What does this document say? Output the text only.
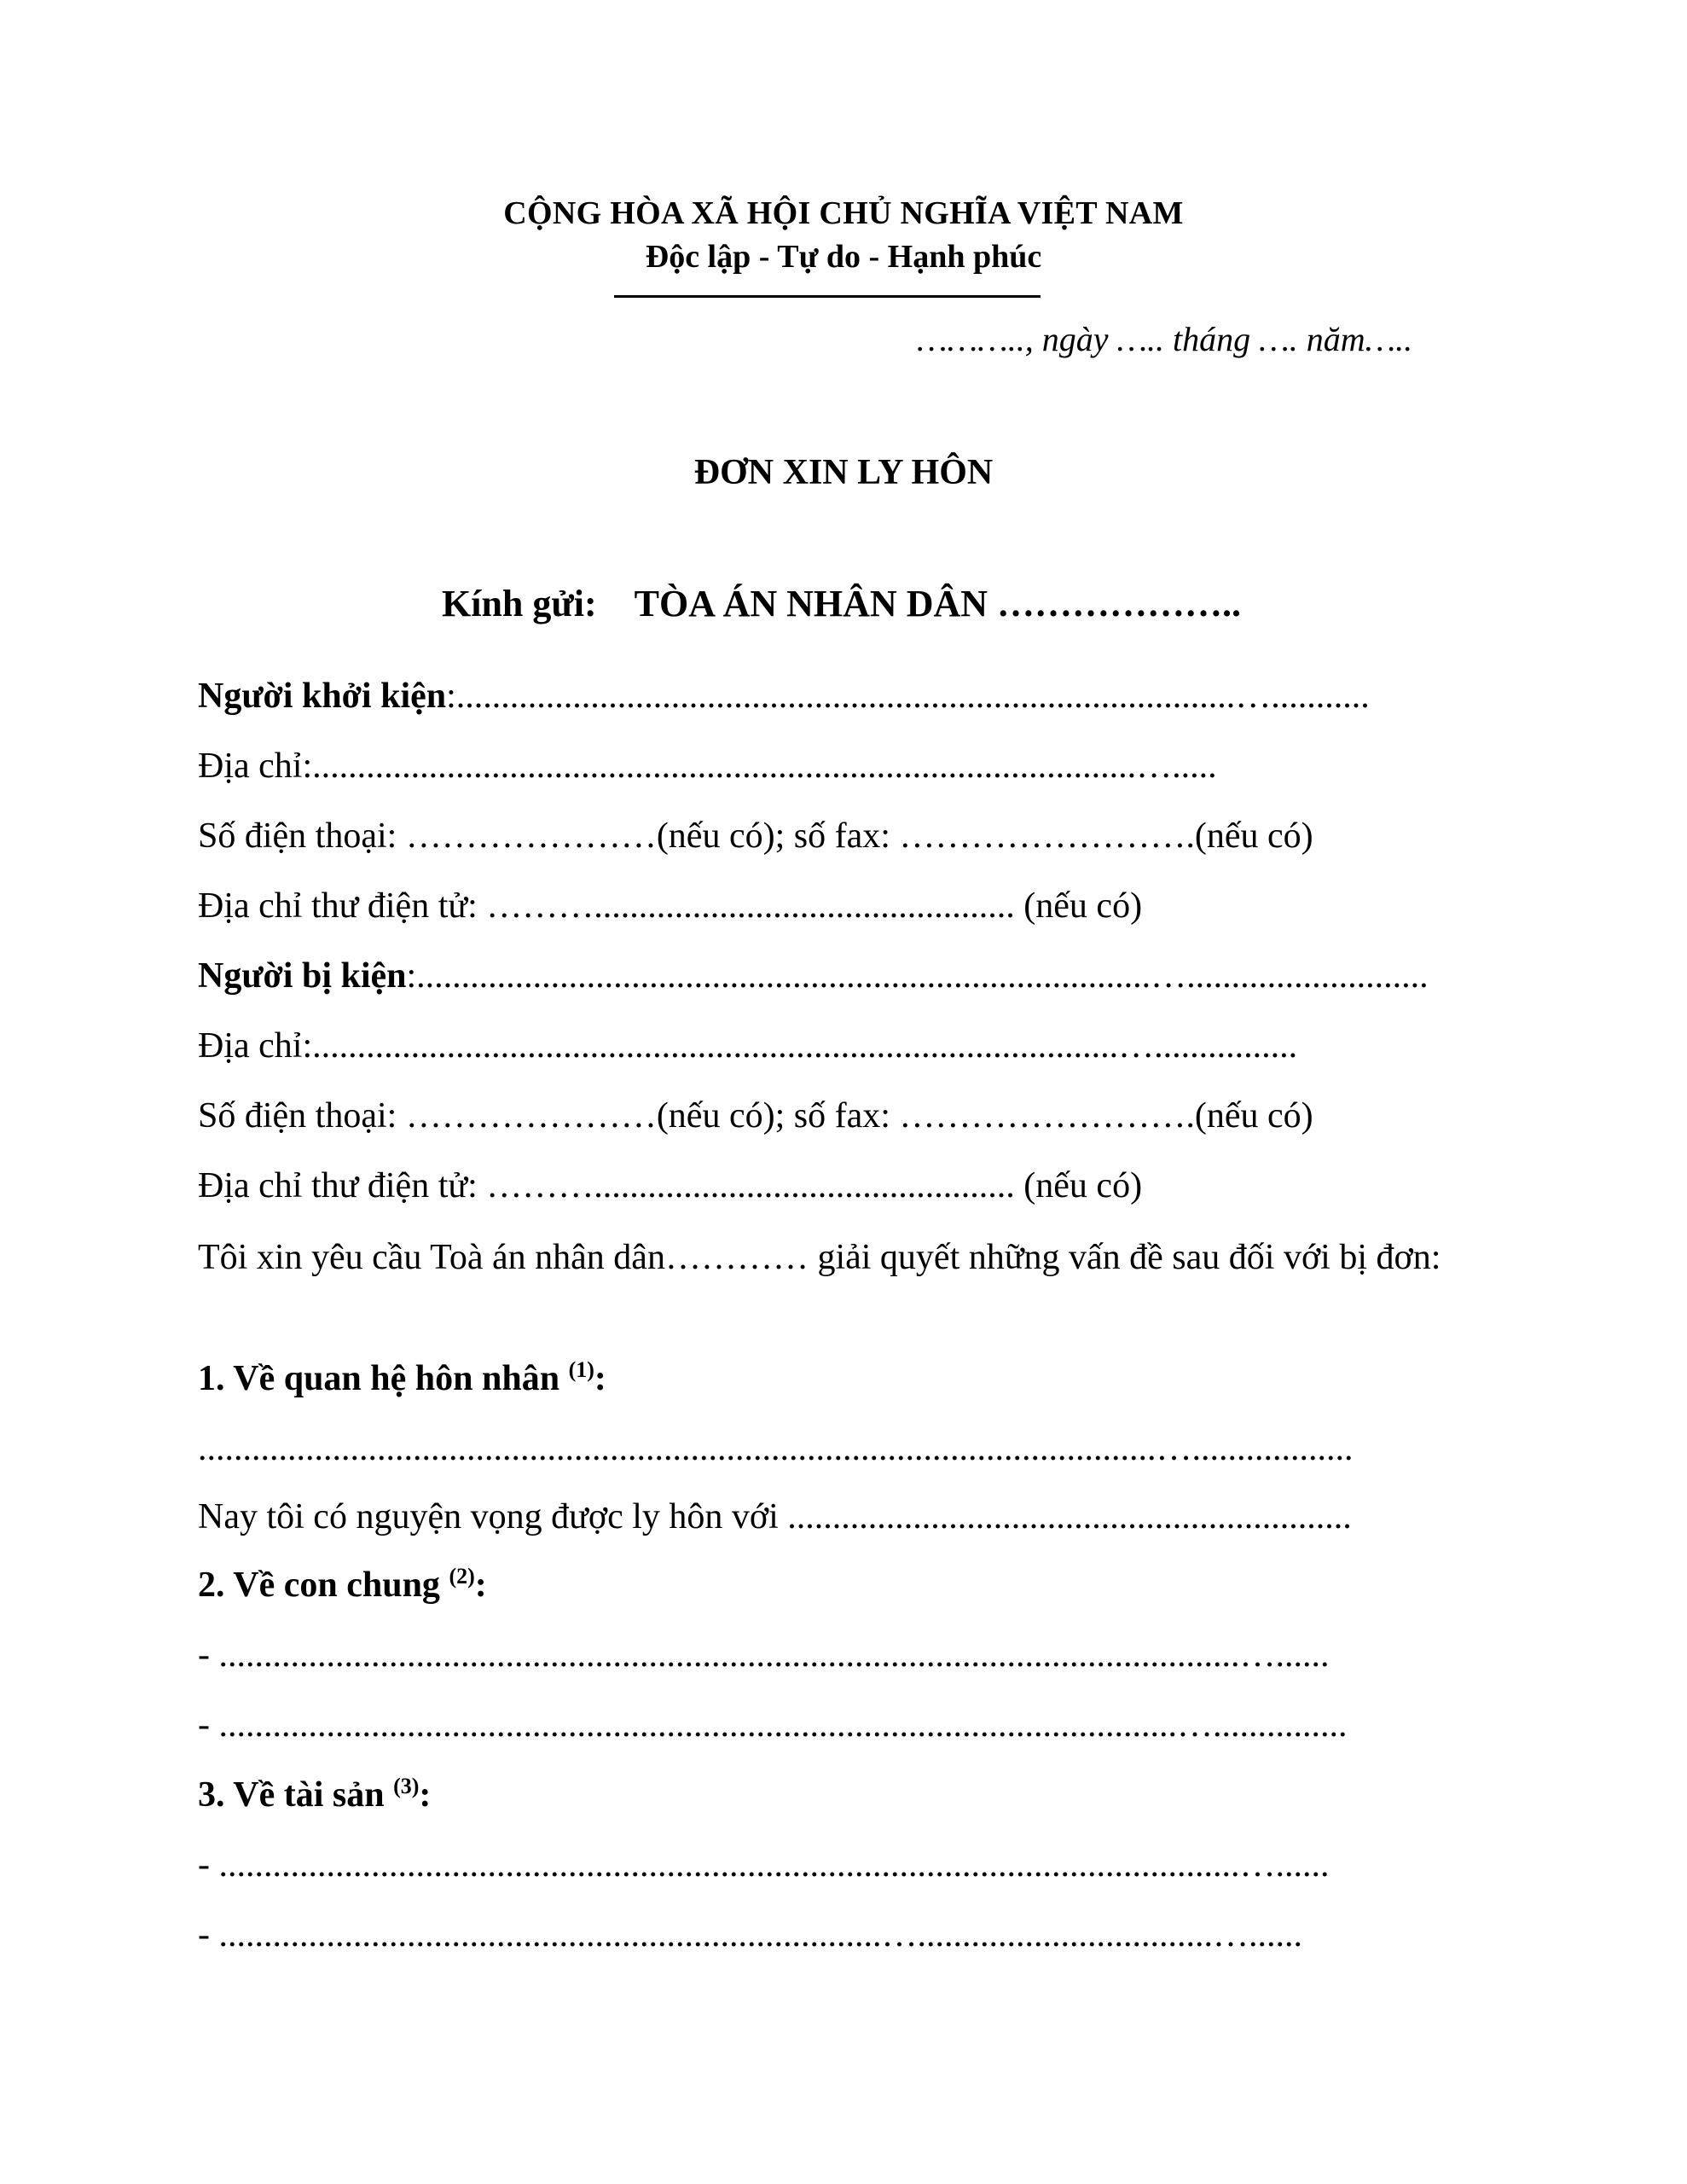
CỘNG HÒA XÃ HỘI CHỦ NGHĨA VIỆT NAM
Độc lập - Tự do - Hạnh phúc
……….., ngày ….. tháng …. năm…..
ĐƠN XIN LY HÔN
Kính gửi: TÒA ÁN NHÂN DÂN ………………..
Người khởi kiện:.......................................................................................…...........
Địa chỉ:............................................................................................….....
Số điện thoại: …………………(nếu có); số fax: …………………….(nếu có)
Địa chỉ thư điện tử: ………............................................... (nếu có)
Người bị kiện:..................................................................................…...........................
Địa chỉ:..........................................................................................…................
Số điện thoại: …………………(nếu có); số fax: …………………….(nếu có)
Địa chỉ thư điện tử: ………............................................... (nếu có)
Tôi xin yêu cầu Toà án nhân dân………… giải quyết những vấn đề sau đối với bị đơn:
1. Về quan hệ hôn nhân $^{(1)}$:
...........................................................................................................…..................
Nay tôi có nguyện vọng được ly hôn với ...............................................................
2. Về con chung $^{(2)}$:
- ..................................................................................................................…......
- ...........................................................................................................…...............
3. Về tài sản $^{(3)}$:
- ..................................................................................................................…......
- ..........................................................................….................................…......
